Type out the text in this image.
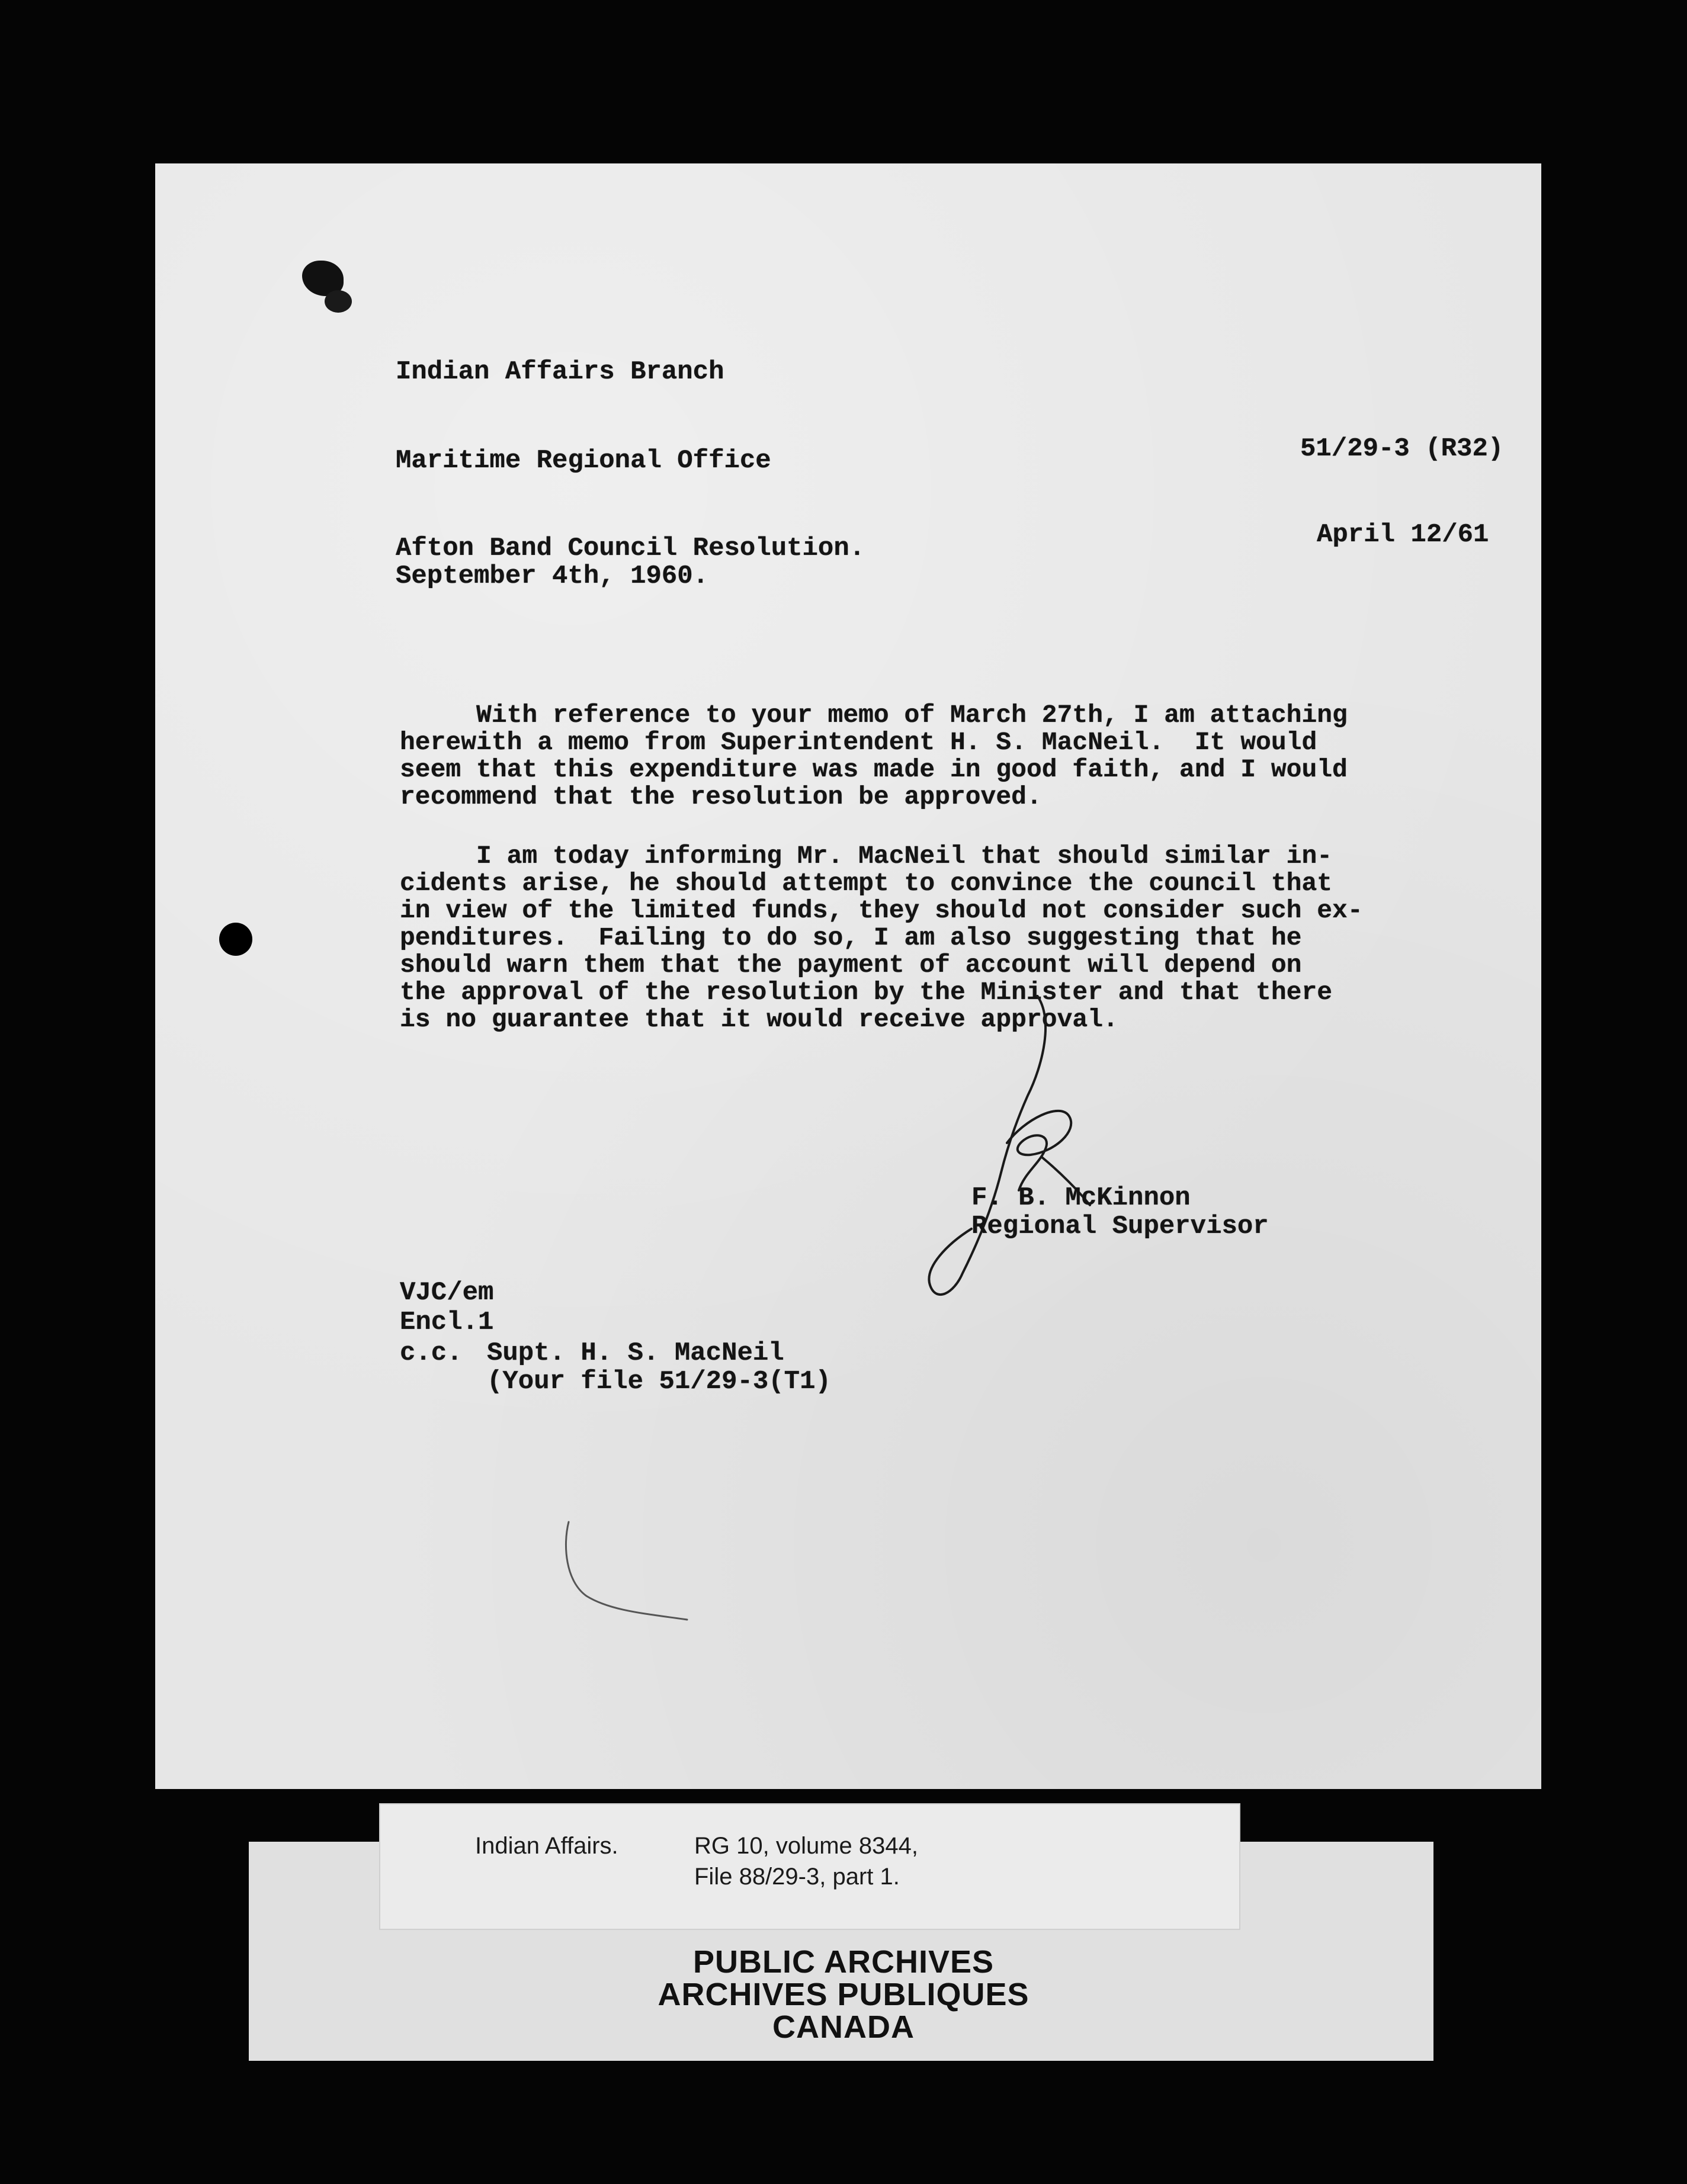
Indian Affairs Branch
Maritime Regional Office	51/29-3 (R32)
Afton Band Council Resolution.
September 4th, 1960.
April 12/61
With reference to your memo of March 27th, I am attaching
herewith a memo from Superintendent H. S. MacNeil.  It would
seem that this expenditure was made in good faith, and I would
recommend that the resolution be approved.
I am today informing Mr. MacNeil that should similar in-
cidents arise, he should attempt to convince the council that
in view of the limited funds, they should not consider such ex-
penditures.  Failing to do so, I am also suggesting that he
should warn them that the payment of account will depend on
the approval of the resolution by the Minister and that there
is no guarantee that it would receive approval.
F. B. McKinnon
Regional Supervisor
VJC/em
Encl.1
c.c. Supt. H. S. MacNeil
(Your file 51/29-3(T1)
Indian Affairs.	RG 10, volume 8344,
File 88/29-3, part 1.
PUBLIC ARCHIVES
ARCHIVES PUBLIQUES
CANADA
